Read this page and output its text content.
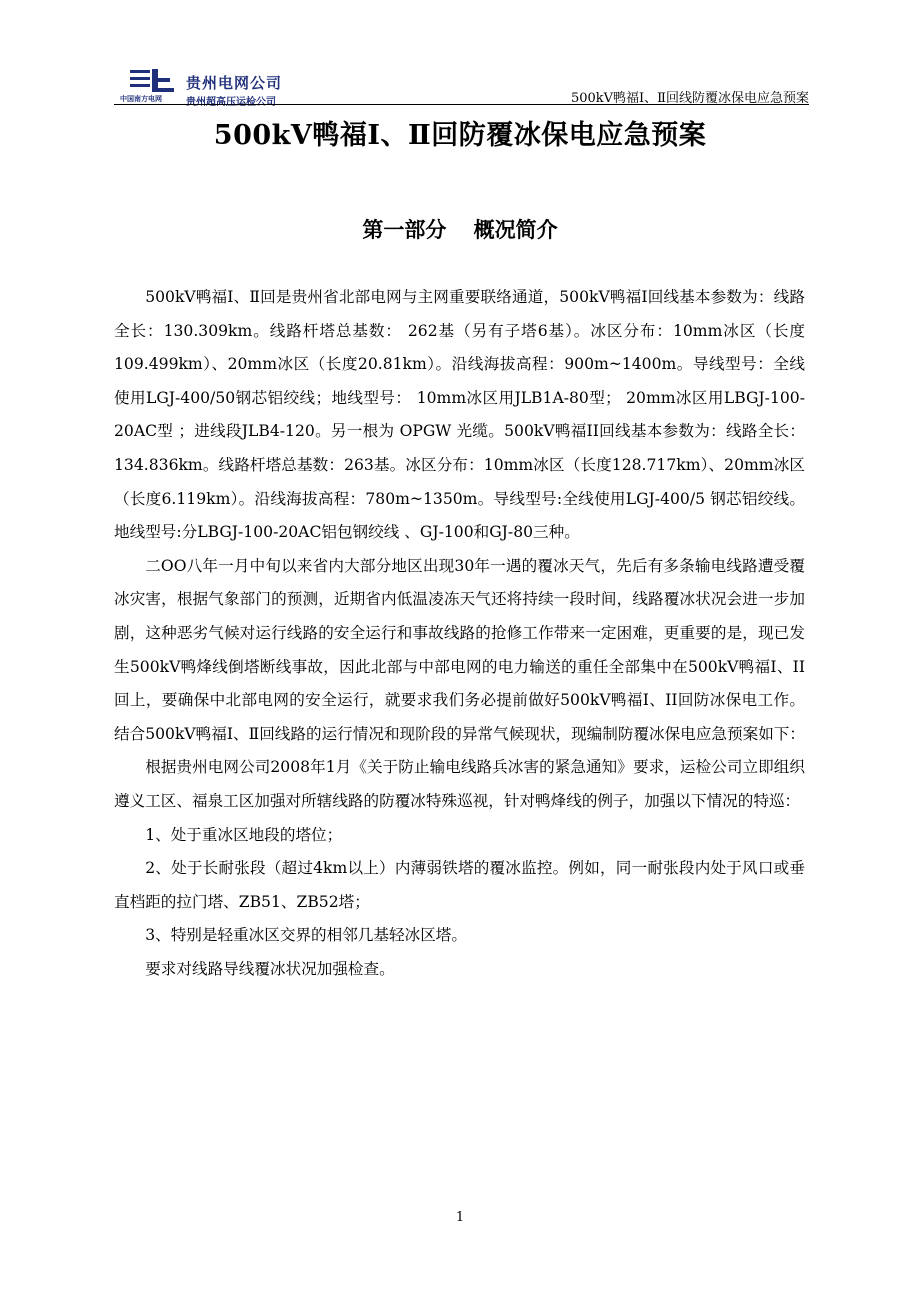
中国南方电网
贵州电网公司
贵州超高压运检公司	500kV鸭福Ⅰ、Ⅱ回线防覆冰保电应急预案
500kV鸭福Ⅰ、Ⅱ回防覆冰保电应急预案
第一部分 概况简介

500kV鸭福Ⅰ、Ⅱ回是贵州省北部电网与主网重要联络通道，500kV鸭福I回线基本参数为：线路全长：130.309km。线路杆塔总基数： 262基（另有子塔6基）。冰区分布：10mm冰区（长度109.499km）、20mm冰区（长度20.81km）。沿线海拔高程：900m~1400m。导线型号：全线使用LGJ-400/50钢芯铝绞线；地线型号： 10mm冰区用JLB1A-80型； 20mm冰区用LBGJ-100-20AC型 ；进线段JLB4-120。另一根为 OPGW 光缆。500kV鸭福II回线基本参数为：线路全长：134.836km。线路杆塔总基数：263基。冰区分布：10mm冰区（长度128.717km）、20mm冰区（长度6.119km）。沿线海拔高程：780m~1350m。导线型号:全线使用LGJ-400/5 钢芯铝绞线。地线型号:分LBGJ-100-20AC铝包钢绞线 、GJ-100和GJ-80三种。

二OO八年一月中旬以来省内大部分地区出现30年一遇的覆冰天气，先后有多条输电线路遭受覆冰灾害，根据气象部门的预测，近期省内低温凌冻天气还将持续一段时间，线路覆冰状况会进一步加剧，这种恶劣气候对运行线路的安全运行和事故线路的抢修工作带来一定困难，更重要的是，现已发生500kV鸭烽线倒塔断线事故，因此北部与中部电网的电力输送的重任全部集中在500kV鸭福I、II回上，要确保中北部电网的安全运行，就要求我们务必提前做好500kV鸭福I、II回防冰保电工作。结合500kV鸭福Ⅰ、Ⅱ回线路的运行情况和现阶段的异常气候现状，现编制防覆冰保电应急预案如下：

根据贵州电网公司2008年1月《关于防止输电线路兵冰害的紧急通知》要求，运检公司立即组织遵义工区、福泉工区加强对所辖线路的防覆冰特殊巡视，针对鸭烽线的例子，加强以下情况的特巡：

1、处于重冰区地段的塔位；

2、处于长耐张段（超过4km以上）内薄弱铁塔的覆冰监控。例如，同一耐张段内处于风口或垂直档距的拉门塔、ZB51、ZB52塔；

3、特别是轻重冰区交界的相邻几基轻冰区塔。

要求对线路导线覆冰状况加强检查。

1
